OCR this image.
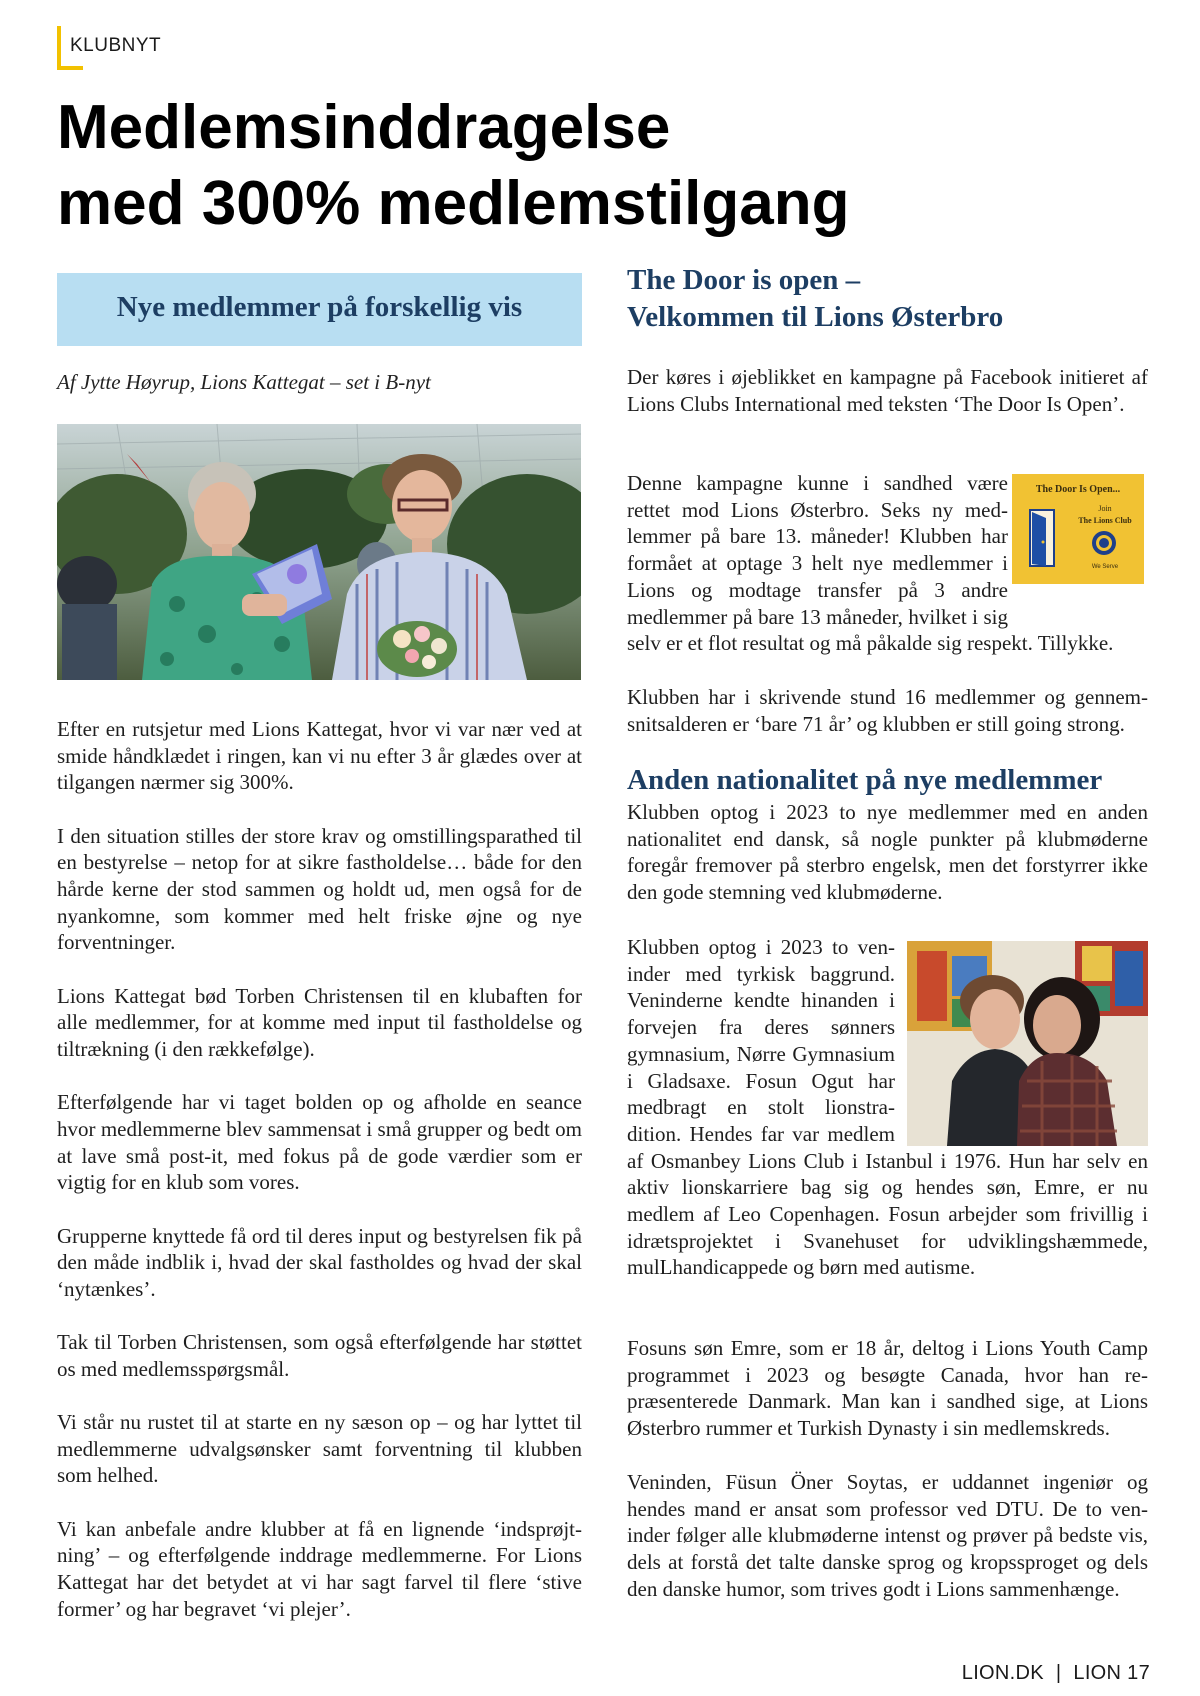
KLUBNYT
Medlemsinddragelse
med 300% medlemstilgang
Nye medlemmer på forskellig vis
Af Jytte Høyrup, Lions Kattegat – set i B-nyt

Efter en rutsjetur med Lions Kattegat, hvor vi var nær ved at smide håndklædet i ringen, kan vi nu efter 3 år glædes over at tilgangen nærmer sig 300%.

I den situation stilles der store krav og omstillingsparathed til en bestyrelse – netop for at sikre fastholdelse… både for den hårde kerne der stod sammen og holdt ud, men også for de nyankomne, som kommer med helt friske øjne og nye forventninger.

Lions Kattegat bød Torben Christensen til en klubaften for alle medlemmer, for at komme med input til fastholdelse og tiltrækning (i den rækkefølge).

Efterfølgende har vi taget bolden op og afholde en seance hvor medlemmerne blev sammensat i små grupper og bedt om at lave små post-it, med fokus på de gode værdier som er vigtig for en klub som vores.

Grupperne knyttede få ord til deres input og bestyrelsen fik på den måde indblik i, hvad der skal fastholdes og hvad der skal ‘nytænkes’.

Tak til Torben Christensen, som også efterfølgende har støttet os med medlemsspørgsmål.

Vi står nu rustet til at starte en ny sæson op – og har lyttet til medlemmerne udvalgsønsker samt forventning til klubben som helhed.

Vi kan anbefale andre klubber at få en lignende ‘indsprøjtning’ – og efterfølgende inddrage medlemmerne. For Lions Kattegat har det betydet at vi har sagt farvel til flere ‘stive former’ og har begravet ‘vi plejer’.

The Door is open –
Velkommen til Lions Østerbro

Der køres i øjeblikket en kampagne på Facebook initieret af Lions Clubs International med teksten ‘The Door Is Open’.

The Door Is Open...
Join
The Lions Club
We Serve

Denne kampagne kunne i sandhed være rettet mod Lions Østerbro. Seks ny medlemmer på bare 13. måneder! Klubben har formået at optage 3 helt nye medlemmer i Lions og modtage transfer på 3 andre medlemmer på bare 13 måneder, hvilket i sig selv er et flot resultat og må påkalde sig respekt. Tillykke.

Klubben har i skrivende stund 16 medlemmer og gennemsnitsalderen er ‘bare 71 år’ og klubben er still going strong.

Anden nationalitet på nye medlemmer

Klubben optog i 2023 to nye medlemmer med en anden nationalitet end dansk, så nogle punkter på klubmøderne foregår fremover på sterbro engelsk, men det forstyrrer ikke den gode stemning ved klubmøderne.

Klubben optog i 2023 to veninder med tyrkisk baggrund. Veninderne kendte hinanden i forvejen fra deres sønners gymnasium, Nørre Gymnasium i Gladsaxe. Fosun Ogut har medbragt en stolt lionstradition. Hendes far var medlem af Osmanbey Lions Club i Istanbul i 1976. Hun har selv en aktiv lionskarriere bag sig og hendes søn, Emre, er nu medlem af Leo Copenhagen. Fosun arbejder som frivillig i idrætsprojektet i Svanehuset for udviklingshæmmede, mulLhandicappede og børn med autisme.

Fosuns søn Emre, som er 18 år, deltog i Lions Youth Camp programmet i 2023 og besøgte Canada, hvor han repræsenterede Danmark. Man kan i sandhed sige, at Lions Østerbro rummer et Turkish Dynasty i sin medlemskreds.

Veninden, Füsun Öner Soytas, er uddannet ingeniør og hendes mand er ansat som professor ved DTU. De to veninder følger alle klubmøderne intenst og prøver på bedste vis, dels at forstå det talte danske sprog og kropssproget og dels den danske humor, som trives godt i Lions sammenhænge.

LION.DK | LION 17
